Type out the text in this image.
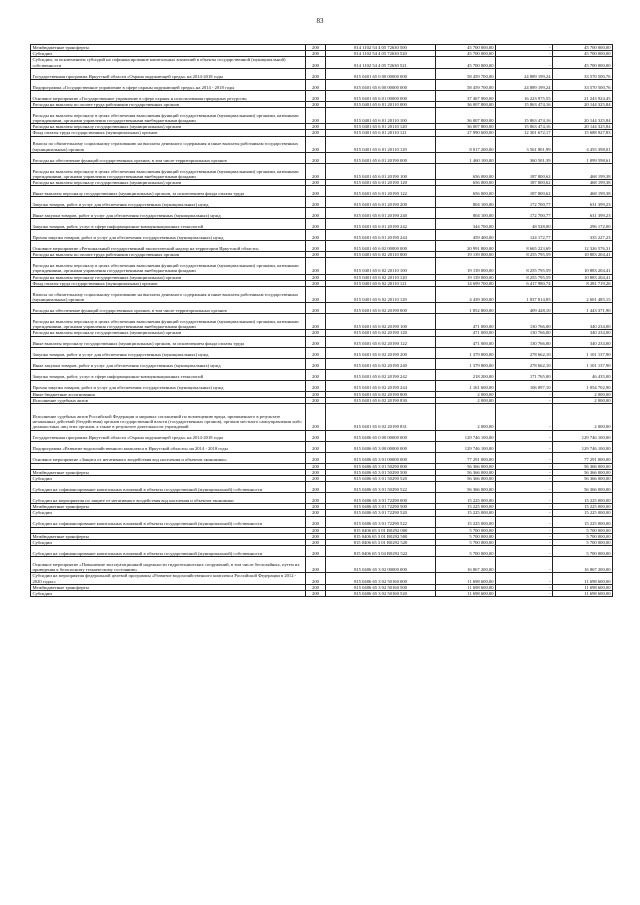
83
Межбюджетные трансферты	200	814 1102 54 4 05 72630 500	45 700 000,00	-	45 700 000,00
Субсидии	200	814 1102 54 4 05 72630 520	45 700 000,00	-	45 700 000,00
Субсидии, за исключением субсидий на софинансирование капитальных вложений в объекты государственной (муниципальной) собственности	200	814 1102 54 4 05 72630 521	45 700 000,00	-	45 700 000,00
Государственная программа Иркутской области «Охрана окружающей среды» на 2014-2018 годы	200	815 0401 65 0 00 00000 000	58 459 700,00	24 889 199,24	33 570 500,76
Подпрограмма «Государственное управление в сфере охраны окружающей среды» на 2014 - 2018 годы	200	815 0401 65 6 00 00000 000	58 459 700,00	24 889 199,24	33 570 500,76
Основное мероприятие «Государственное управление в сфере охраны и использования природных ресурсов»	200	815 0401 65 6 01 00000 000	37 467 900,00	16 223 975,55	21 243 924,45
Расходы на выплаты по оплате труда работников государственных органов	200	815 0401 65 6 01 20110 000	36 007 800,00	15 863 474,16	20 144 325,84
Расходы на выплаты персоналу в целях обеспечения выполнения функций государственными (муниципальными) органами, казенными учреждениями, органами управления государственными внебюджетными фондами	200	815 0401 65 6 01 20110 100	36 007 800,00	15 863 474,16	20 144 325,84
Расходы на выплаты персоналу государственных (муниципальных) органов	200	815 0401 65 6 01 20110 120	36 007 800,00	15 863 474,16	20 144 325,84
Фонд оплаты труда государственных (муниципальных) органов	200	815 0401 65 6 01 20110 121	27 990 600,00	12 301 672,17	15 688 927,83
Взносы по обязательному социальному страхованию на выплаты денежного содержания и иные выплаты работникам государственных (муниципальных) органов	200	815 0401 65 6 01 20110 129	8 017 200,00	3 561 801,99	4 455 398,01
Расходы на обеспечение функций государственных органов, в том числе территориальных органов	200	815 0401 65 6 01 20190 000	1 460 100,00	360 501,39	1 099 598,61
Расходы на выплаты персоналу в целях обеспечения выполнения функций государственными (муниципальными) органами, казенными учреждениями, органами управления государственными внебюджетными фондами	200	815 0401 65 6 01 20190 100	656 000,00	187 800,62	468 199,38
Расходы на выплаты персоналу государственных (муниципальных) органов	200	815 0401 65 6 01 20190 120	656 000,00	187 800,62	468 199,38
Иные выплаты персоналу государственных (муниципальных) органов, за исключением фонда оплаты труда	200	815 0401 65 6 01 20190 122	656 000,00	187 800,62	468 199,38
Закупка товаров, работ и услуг для обеспечения государственных (муниципальных) нужд	200	815 0401 65 6 01 20190 200	804 100,00	172 700,77	631 399,23
Иные закупки товаров, работ и услуг для обеспечения государственных (муниципальных) нужд	200	815 0401 65 6 01 20190 240	804 100,00	172 700,77	631 399,23
Закупка товаров, работ, услуг в сфере информационно-коммуникационных технологий	200	815 0401 65 6 01 20190 242	344 700,00	48 528,00	296 172,00
Прочая закупка товаров, работ и услуг для обеспечения государственных (муниципальных) нужд	200	815 0401 65 6 01 20190 244	459 400,00	124 172,77	335 227,23
Основное мероприятие «Региональный государственный экологический надзор на территории Иркутской области»	200	815 0401 65 6 02 00000 000	20 991 800,00	8 665 223,69	12 326 576,31
Расходы на выплаты по оплате труда работников государственных органов	200	815 0401 65 6 02 20110 000	19 139 000,00	8 255 795,59	10 883 204,41
Расходы на выплаты персоналу в целях обеспечения выполнения функций государственными (муниципальными) органами, казенными учреждениями, органами управления государственными внебюджетными фондами	200	815 0401 65 6 02 20110 100	19 139 000,00	8 255 795,59	10 883 204,41
Расходы на выплаты персоналу государственных (муниципальных) органов	200	815 0401 65 6 02 20110 120	19 139 000,00	8 255 795,59	10 883 204,41
Фонд оплаты труда государственных (муниципальных) органов	200	815 0401 65 6 02 20110 121	14 699 700,00	6 417 980,74	8 281 719,26
Взносы по обязательному социальному страхованию на выплаты денежного содержания и иные выплаты работникам государственных (муниципальных) органов	200	815 0401 65 6 02 20110 129	4 439 300,00	1 837 814,85	2 601 485,15
Расходы на обеспечение функций государственных органов, в том числе территориальных органов	200	815 0401 65 6 02 20190 000	1 852 800,00	409 428,10	1 443 371,90
Расходы на выплаты персоналу в целях обеспечения выполнения функций государственными (муниципальными) органами, казенными учреждениями, органами управления государственными внебюджетными фондами	200	815 0401 65 6 02 20190 100	471 000,00	130 766,00	340 234,00
Расходы на выплаты персоналу государственных (муниципальных) органов	200	815 0401 65 6 02 20190 120	471 000,00	130 766,00	340 234,00
Иные выплаты персоналу государственных (муниципальных) органов, за исключением фонда оплаты труда	200	815 0401 65 6 02 20190 122	471 000,00	130 766,00	340 234,00
Закупка товаров, работ и услуг для обеспечения государственных (муниципальных) нужд	200	815 0401 65 6 02 20190 200	1 379 800,00	278 662,10	1 101 137,90
Иные закупки товаров, работ и услуг для обеспечения государственных (муниципальных) нужд	200	815 0401 65 6 02 20190 240	1 379 800,00	278 662,10	1 101 137,90
Закупка товаров, работ, услуг в сфере информационно-коммуникационных технологий	200	815 0401 65 6 02 20190 242	218 200,00	171 765,00	46 435,00
Прочая закупка товаров, работ и услуг для обеспечения государственных (муниципальных) нужд	200	815 0401 65 6 02 20190 244	1 161 600,00	106 897,10	1 054 702,90
Иные бюджетные ассигнования	200	815 0401 65 6 02 20190 800	2 000,00	-	2 000,00
Исполнение судебных актов	200	815 0401 65 6 02 20190 830	2 000,00	-	2 000,00
Исполнение судебных актов Российской Федерации и мировых соглашений по возмещению вреда, причиненного в результате незаконных действий (бездействия) органов государственной власти (государственных органов), органов местного самоуправления либо должностных лиц этих органов, а также в результате деятельности учреждений	200	815 0401 65 6 02 20190 831	2 000,00	-	2 000,00
Государственная программа Иркутской области «Охрана окружающей среды» на 2014-2018 годы	200	815 0406 65 0 00 00000 000	129 746 100,00	-	129 746 100,00
Подпрограмма «Развитие водохозяйственного комплекса в Иркутской области» на 2014 - 2018 годы	200	815 0406 65 3 00 00000 000	129 746 100,00	-	129 746 100,00
Основное мероприятие «Защита от негативного воздействия вод населения и объектов экономики»	200	815 0406 65 3 01 00000 000	77 291 000,00	-	77 291 000,00
	200	815 0406 65 3 01 50290 000	56 366 000,00	-	56 366 000,00
Межбюджетные трансферты	200	815 0406 65 3 01 50290 500	56 366 000,00	-	56 366 000,00
Субсидии	200	815 0406 65 3 01 50290 520	56 366 000,00	-	56 366 000,00
Субсидии на софинансирование капитальных вложений в объекты государственной (муниципальной) собственности	200	815 0406 65 3 01 50290 522	56 366 000,00	-	56 366 000,00
Субсидии на мероприятия по защите от негативного воздействия вод населения и объектов экономики	200	815 0406 65 3 01 72290 000	15 225 000,00	-	15 225 000,00
Межбюджетные трансферты	200	815 0406 65 3 01 72290 500	15 225 000,00	-	15 225 000,00
Субсидии	200	815 0406 65 3 01 72290 520	15 225 000,00	-	15 225 000,00
Субсидии на софинансирование капитальных вложений в объекты государственной (муниципальной) собственности	200	815 0406 65 3 01 72290 522	15 225 000,00	-	15 225 000,00
	200	815 0406 65 3 01 R0292 000	5 700 000,00	-	5 700 000,00
Межбюджетные трансферты	200	815 0406 65 3 01 R0292 500	5 700 000,00	-	5 700 000,00
Субсидии	200	815 0406 65 3 01 R0292 520	5 700 000,00	-	5 700 000,00
Субсидии на софинансирование капитальных вложений в объекты государственной (муниципальной) собственности	200	815 0406 65 3 04 R0292 522	5 700 000,00	-	5 700 000,00
Основное мероприятие «Повышение эксплуатационной надежности гидротехнических сооружений, в том числе бесхозяйных, путем их приведения к безопасному техническому состоянию»	200	815 0406 65 3 02 00000 000	16 867 200,00	-	16 867 200,00
Субсидии на мероприятия федеральной целевой программы «Развитие водохозяйственного комплекса Российской Федерации в 2012 - 2020 годах»	200	815 0406 65 3 02 50160 000	11 698 600,00	-	11 698 600,00
Межбюджетные трансферты	200	815 0406 65 3 02 50160 500	11 698 600,00	-	11 698 600,00
Субсидии	200	815 0406 65 3 02 50160 520	11 698 600,00	-	11 698 600,00
